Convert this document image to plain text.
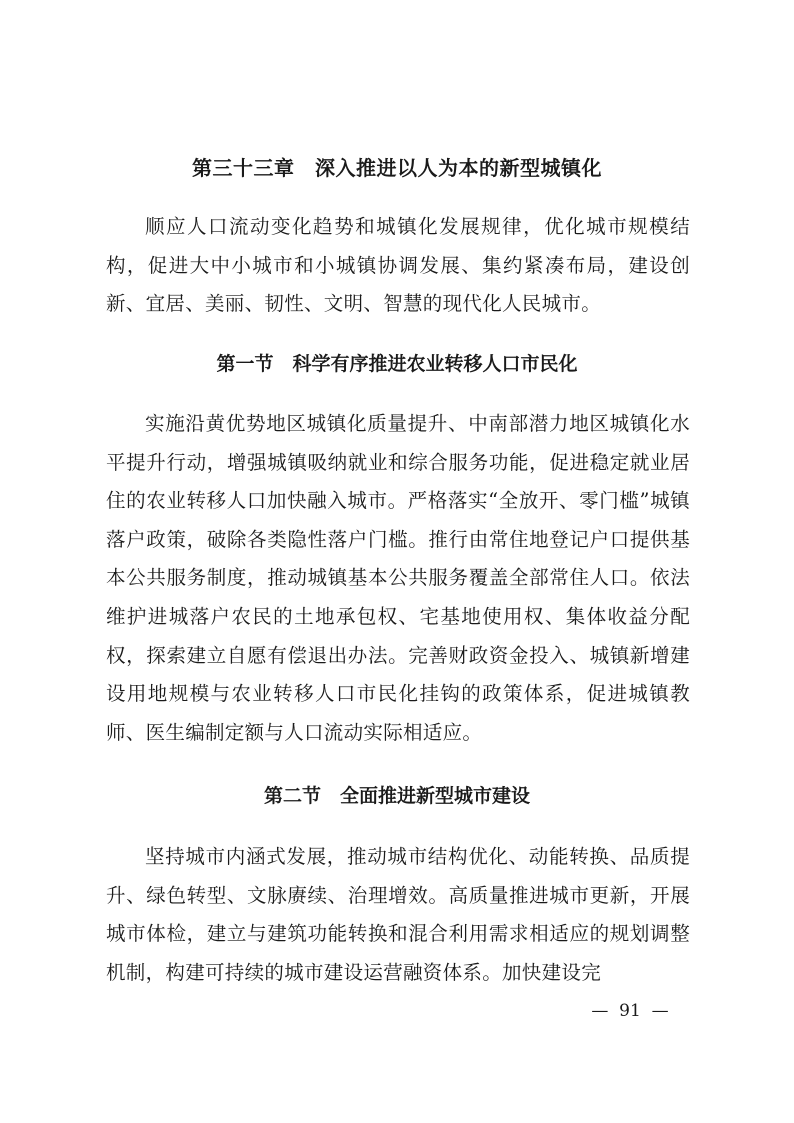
第三十三章　深入推进以人为本的新型城镇化

顺应人口流动变化趋势和城镇化发展规律，优化城市规模结构，促进大中小城市和小城镇协调发展、集约紧凑布局，建设创新、宜居、美丽、韧性、文明、智慧的现代化人民城市。

第一节　科学有序推进农业转移人口市民化

实施沿黄优势地区城镇化质量提升、中南部潜力地区城镇化水平提升行动，增强城镇吸纳就业和综合服务功能，促进稳定就业居住的农业转移人口加快融入城市。严格落实“全放开、零门槛”城镇落户政策，破除各类隐性落户门槛。推行由常住地登记户口提供基本公共服务制度，推动城镇基本公共服务覆盖全部常住人口。依法维护进城落户农民的土地承包权、宅基地使用权、集体收益分配权，探索建立自愿有偿退出办法。完善财政资金投入、城镇新增建设用地规模与农业转移人口市民化挂钩的政策体系，促进城镇教师、医生编制定额与人口流动实际相适应。

第二节　全面推进新型城市建设

坚持城市内涵式发展，推动城市结构优化、动能转换、品质提升、绿色转型、文脉赓续、治理增效。高质量推进城市更新，开展城市体检，建立与建筑功能转换和混合利用需求相适应的规划调整机制，构建可持续的城市建设运营融资体系。加快建设完

—  91  —
